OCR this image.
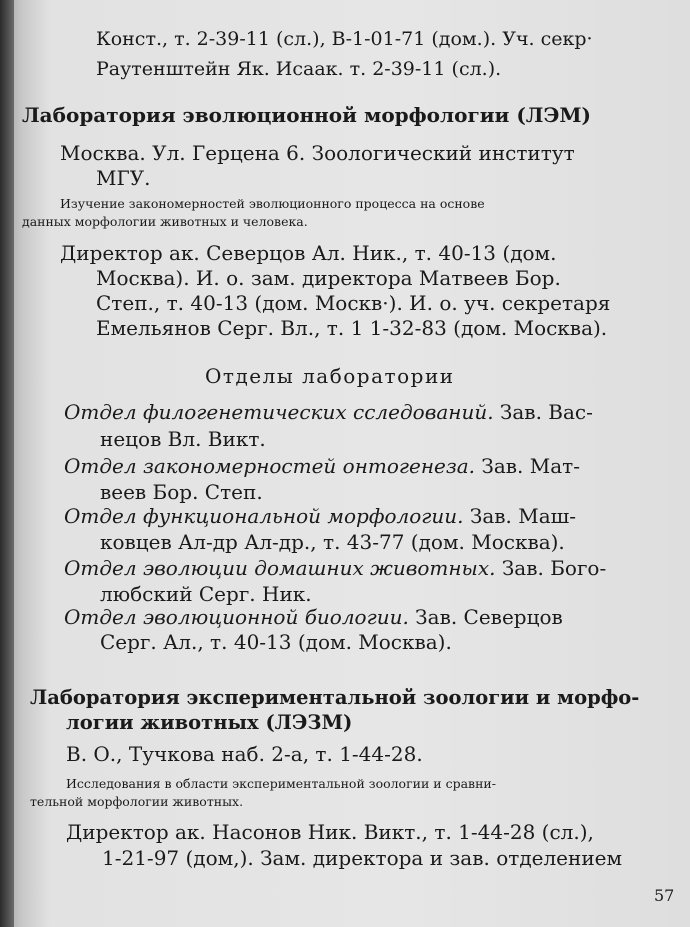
Конст., т. 2-39-11 (сл.), В-1-01-71 (дом.). Уч. секр·
Раутенштейн Як. Исаак. т. 2-39-11 (сл.).
Лаборатория эволюционной морфологии (ЛЭМ)
Москва. Ул. Герцена 6. Зоологический институт
МГУ.
Изучение закономерностей эволюционного процесса на основе
данных морфологии животных и человека.
Директор ак. Северцов Ал. Ник., т. 40-13 (дом.
Москва). И. о. зам. директора Матвеев Бор.
Степ., т. 40-13 (дом. Москв·). И. о. уч. секретаря
Емельянов Серг. Вл., т. 1 1-32-83 (дом. Москва).
Отделы лаборатории
Отдел филогенетических сследований. Зав. Вас-
нецов Вл. Викт.
Отдел закономерностей онтогенеза. Зав. Мат-
веев Бор. Степ.
Отдел функциональной морфологии. Зав. Маш-
ковцев Ал-др Ал-др., т. 43-77 (дом. Москва).
Отдел эволюции домашних животных. Зав. Бого-
любский Серг. Ник.
Отдел эволюционной биологии. Зав. Северцов
Серг. Ал., т. 40-13 (дом. Москва).
Лаборатория экспериментальной зоологии и морфо-
логии животных (ЛЭЗМ)
В. О., Тучкова наб. 2-а, т. 1-44-28.
Исследования в области экспериментальной зоологии и сравни-
тельной морфологии животных.
Директор ак. Насонов Ник. Викт., т. 1-44-28 (сл.),
1-21-97 (дом,). Зам. директора и зав. отделением
57
